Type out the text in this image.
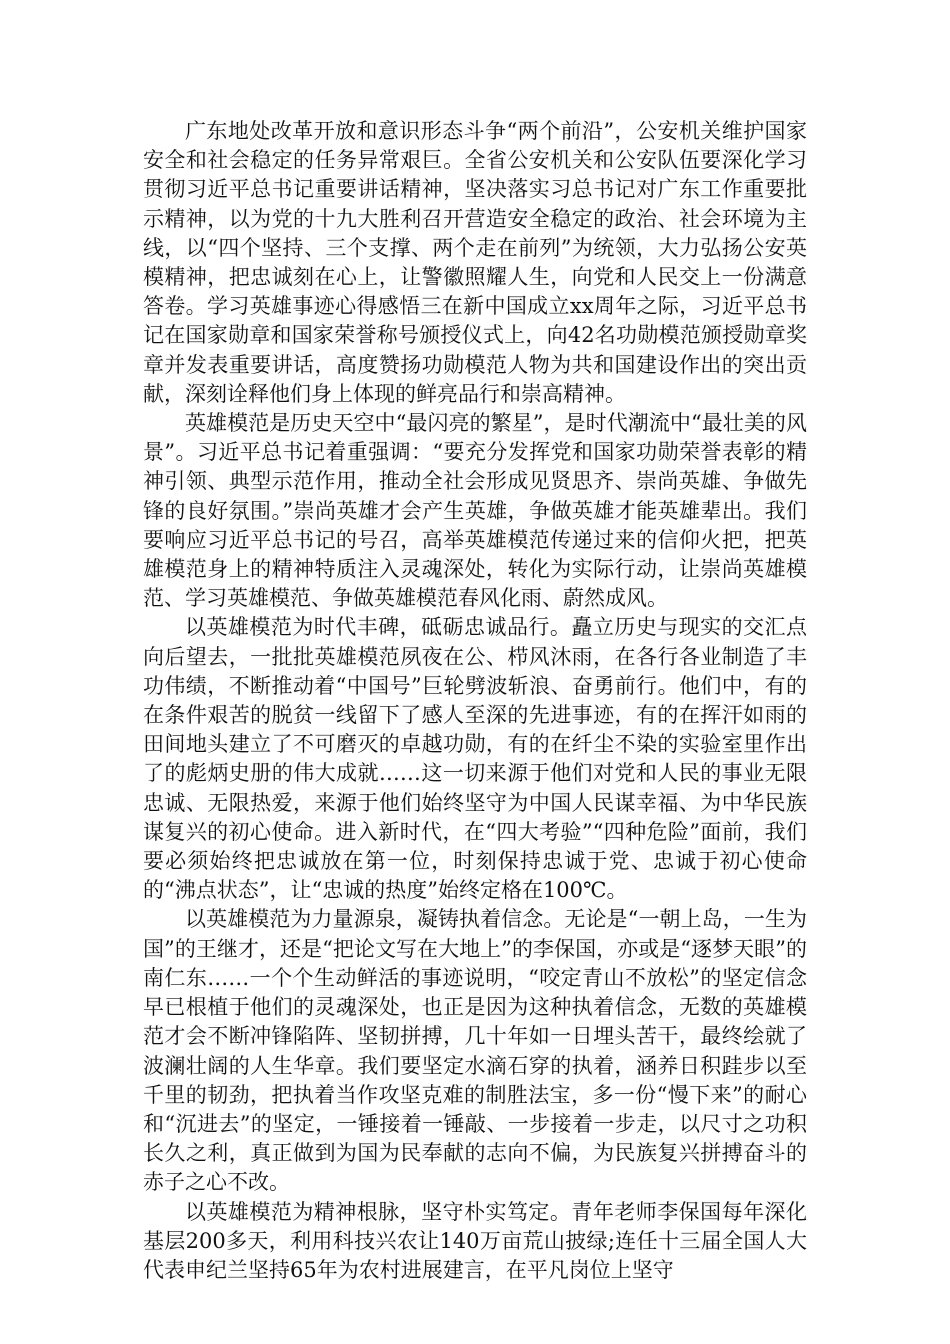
广东地处改革开放和意识形态斗争“两个前沿”，公安机关维护国家安全和社会稳定的任务异常艰巨。全省公安机关和公安队伍要深化学习贯彻习近平总书记重要讲话精神，坚决落实习总书记对广东工作重要批示精神，以为党的十九大胜利召开营造安全稳定的政治、社会环境为主线，以“四个坚持、三个支撑、两个走在前列”为统领，大力弘扬公安英模精神，把忠诚刻在心上，让警徽照耀人生，向党和人民交上一份满意答卷。学习英雄事迹心得感悟三在新中国成立xx周年之际，习近平总书记在国家勋章和国家荣誉称号颁授仪式上，向42名功勋模范颁授勋章奖章并发表重要讲话，高度赞扬功勋模范人物为共和国建设作出的突出贡献，深刻诠释他们身上体现的鲜亮品行和崇高精神。

英雄模范是历史天空中“最闪亮的繁星”，是时代潮流中“最壮美的风景”。习近平总书记着重强调：“要充分发挥党和国家功勋荣誉表彰的精神引领、典型示范作用，推动全社会形成见贤思齐、崇尚英雄、争做先锋的良好氛围。”崇尚英雄才会产生英雄，争做英雄才能英雄辈出。我们要响应习近平总书记的号召，高举英雄模范传递过来的信仰火把，把英雄模范身上的精神特质注入灵魂深处，转化为实际行动，让崇尚英雄模范、学习英雄模范、争做英雄模范春风化雨、蔚然成风。

以英雄模范为时代丰碑，砥砺忠诚品行。矗立历史与现实的交汇点向后望去，一批批英雄模范夙夜在公、栉风沐雨，在各行各业制造了丰功伟绩，不断推动着“中国号”巨轮劈波斩浪、奋勇前行。他们中，有的在条件艰苦的脱贫一线留下了感人至深的先进事迹，有的在挥汗如雨的田间地头建立了不可磨灭的卓越功勋，有的在纤尘不染的实验室里作出了的彪炳史册的伟大成就……这一切来源于他们对党和人民的事业无限忠诚、无限热爱，来源于他们始终坚守为中国人民谋幸福、为中华民族谋复兴的初心使命。进入新时代，在“四大考验”“四种危险”面前，我们要必须始终把忠诚放在第一位，时刻保持忠诚于党、忠诚于初心使命的“沸点状态”，让“忠诚的热度”始终定格在100℃。

以英雄模范为力量源泉，凝铸执着信念。无论是“一朝上岛，一生为国”的王继才，还是“把论文写在大地上”的李保国，亦或是“逐梦天眼”的南仁东……一个个生动鲜活的事迹说明，“咬定青山不放松”的坚定信念早已根植于他们的灵魂深处，也正是因为这种执着信念，无数的英雄模范才会不断冲锋陷阵、坚韧拼搏，几十年如一日埋头苦干，最终绘就了波澜壮阔的人生华章。我们要坚定水滴石穿的执着，涵养日积跬步以至千里的韧劲，把执着当作攻坚克难的制胜法宝，多一份“慢下来”的耐心和“沉进去”的坚定，一锤接着一锤敲、一步接着一步走，以尺寸之功积长久之利，真正做到为国为民奉献的志向不偏，为民族复兴拼搏奋斗的赤子之心不改。

以英雄模范为精神根脉，坚守朴实笃定。青年老师李保国每年深化基层200多天，利用科技兴农让140万亩荒山披绿;连任十三届全国人大代表申纪兰坚持65年为农村进展建言，在平凡岗位上坚守
